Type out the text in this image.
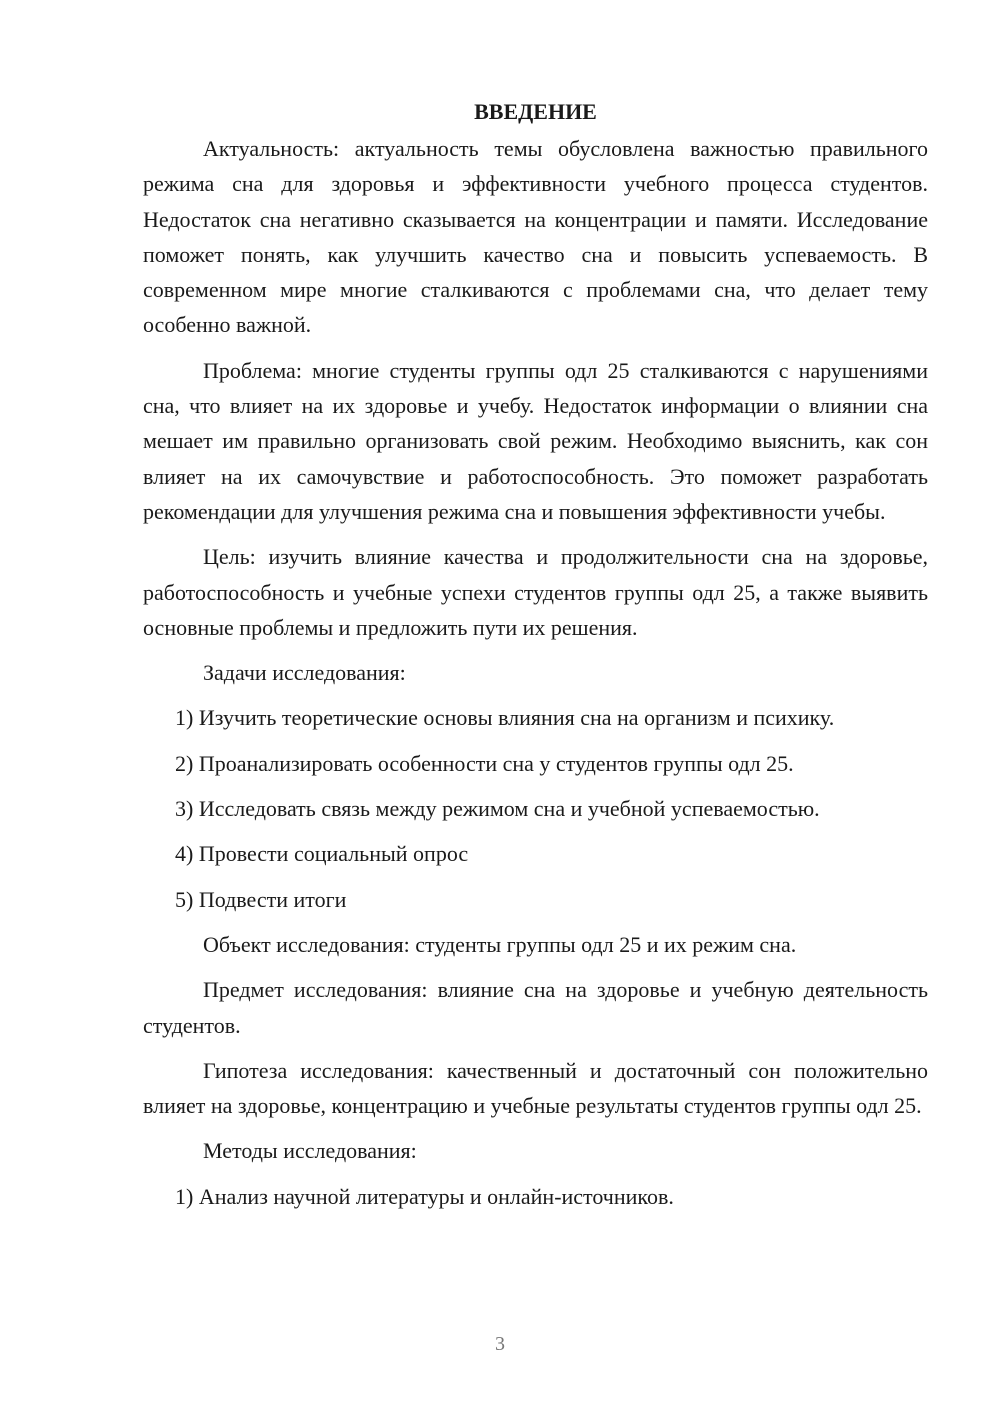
ВВЕДЕНИЕ

Актуальность: актуальность темы обусловлена важностью правильного режима сна для здоровья и эффективности учебного процесса студентов. Недостаток сна негативно сказывается на концентрации и памяти. Исследование поможет понять, как улучшить качество сна и повысить успеваемость. В современном мире многие сталкиваются с проблемами сна, что делает тему особенно важной.

Проблема: многие студенты группы одл 25 сталкиваются с нарушениями сна, что влияет на их здоровье и учебу. Недостаток информации о влиянии сна мешает им правильно организовать свой режим. Необходимо выяснить, как сон влияет на их самочувствие и работоспособность. Это поможет разработать рекомендации для улучшения режима сна и повышения эффективности учебы.

Цель: изучить влияние качества и продолжительности сна на здоровье, работоспособность и учебные успехи студентов группы одл 25, а также выявить основные проблемы и предложить пути их решения.

Задачи исследования:

1) Изучить теоретические основы влияния сна на организм и психику.

2) Проанализировать особенности сна у студентов группы одл 25.

3) Исследовать связь между режимом сна и учебной успеваемостью.

4) Провести социальный опрос

5) Подвести итоги

Объект исследования: студенты группы одл 25 и их режим сна.

Предмет исследования: влияние сна на здоровье и учебную деятельность студентов.

Гипотеза исследования: качественный и достаточный сон положительно влияет на здоровье, концентрацию и учебные результаты студентов группы одл 25.

Методы исследования:

1) Анализ научной литературы и онлайн-источников.

3
